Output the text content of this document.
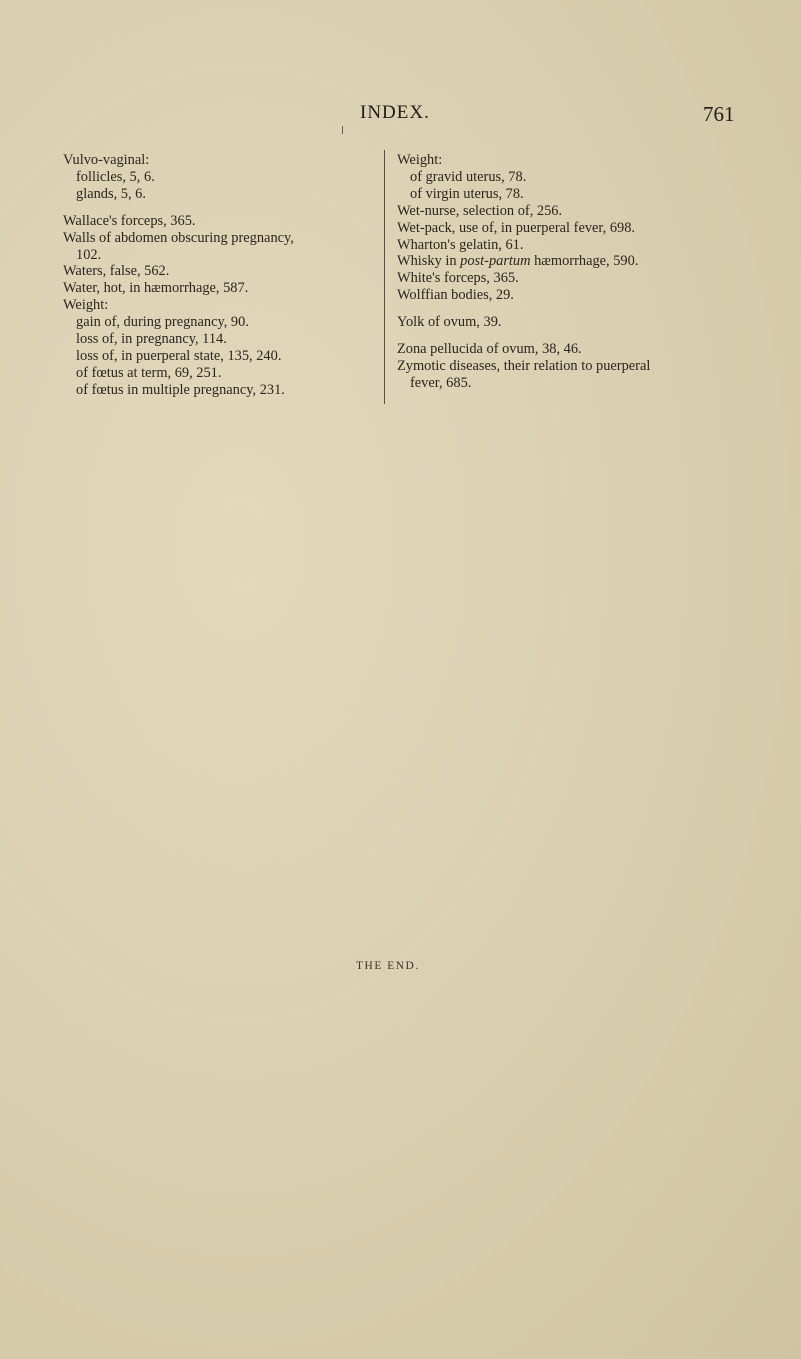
INDEX.	761
Vulvo-vaginal:
follicles, 5, 6.
glands, 5, 6.
Wallace's forceps, 365.
Walls of abdomen obscuring pregnancy,
102.
Waters, false, 562.
Water, hot, in hæmorrhage, 587.
Weight:
gain of, during pregnancy, 90.
loss of, in pregnancy, 114.
loss of, in puerperal state, 135, 240.
of fœtus at term, 69, 251.
of fœtus in multiple pregnancy, 231.
Weight:
of gravid uterus, 78.
of virgin uterus, 78.
Wet-nurse, selection of, 256.
Wet-pack, use of, in puerperal fever, 698.
Wharton's gelatin, 61.
Whisky in post-partum hæmorrhage, 590.
White's forceps, 365.
Wolffian bodies, 29.
Yolk of ovum, 39.
Zona pellucida of ovum, 38, 46.
Zymotic diseases, their relation to puerperal
fever, 685.
THE END.
